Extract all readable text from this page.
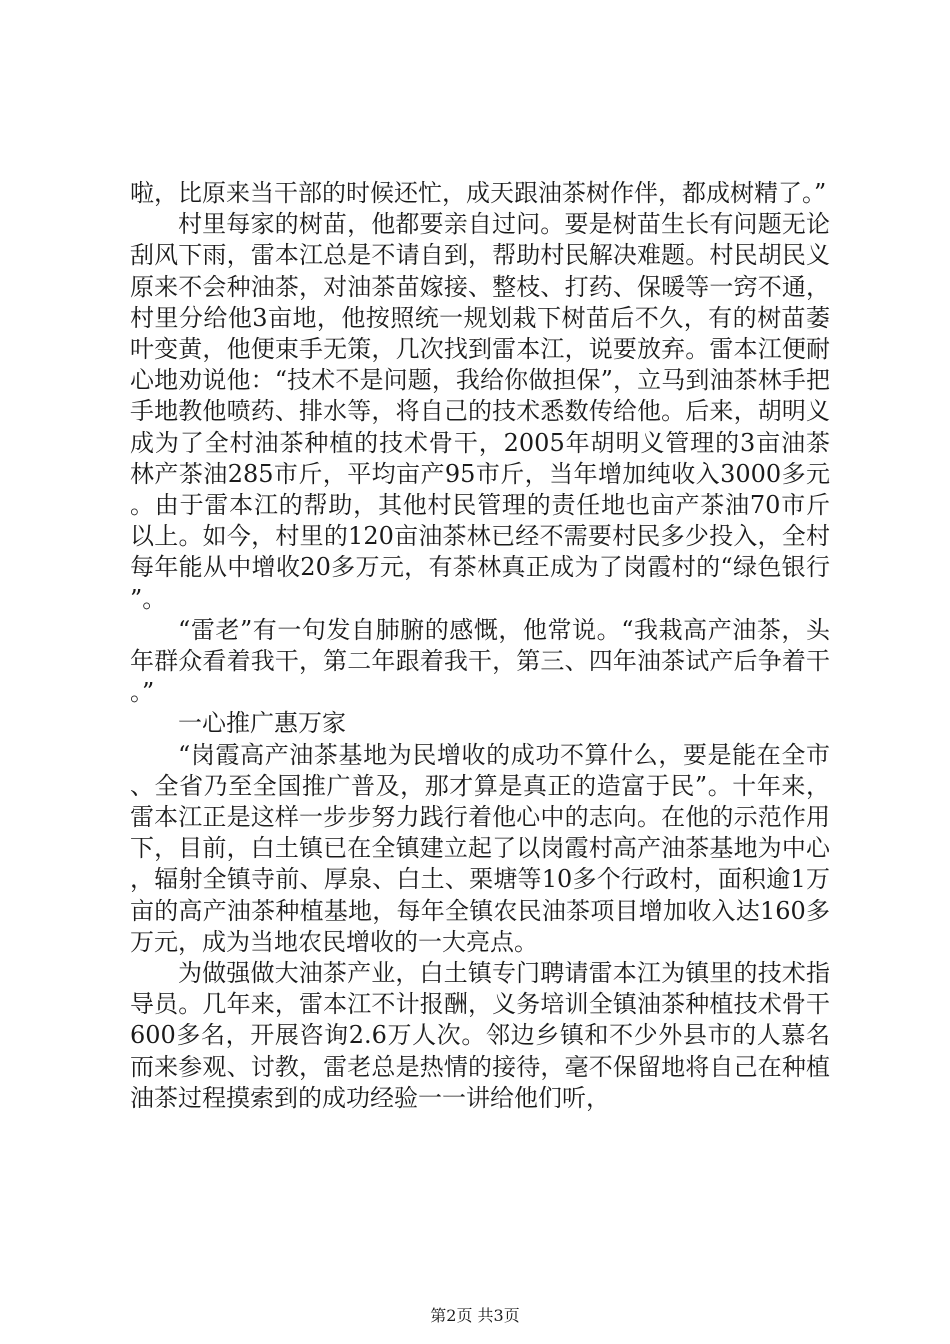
啦，比原来当干部的时候还忙，成天跟油茶树作伴，都成树精了。”

村里每家的树苗，他都要亲自过问。要是树苗生长有问题无论刮风下雨，雷本江总是不请自到，帮助村民解决难题。村民胡民义原来不会种油茶，对油茶苗嫁接、整枝、打药、保暖等一窍不通，村里分给他3亩地，他按照统一规划栽下树苗后不久，有的树苗萎叶变黄，他便束手无策，几次找到雷本江，说要放弃。雷本江便耐心地劝说他：“技术不是问题，我给你做担保”，立马到油茶林手把手地教他喷药、排水等，将自己的技术悉数传给他。后来，胡明义成为了全村油茶种植的技术骨干，2005年胡明义管理的3亩油茶林产茶油285市斤，平均亩产95市斤，当年增加纯收入3000多元。由于雷本江的帮助，其他村民管理的责任地也亩产茶油70市斤以上。如今，村里的120亩油茶林已经不需要村民多少投入，全村每年能从中增收20多万元，有茶林真正成为了岗霞村的“绿色银行”。

“雷老”有一句发自肺腑的感慨，他常说。“我栽高产油茶，头年群众看着我干，第二年跟着我干，第三、四年油茶试产后争着干。”

一心推广惠万家

“岗霞高产油茶基地为民增收的成功不算什么，要是能在全市、全省乃至全国推广普及，那才算是真正的造富于民”。十年来，雷本江正是这样一步步努力践行着他心中的志向。在他的示范作用下，目前，白土镇已在全镇建立起了以岗霞村高产油茶基地为中心，辐射全镇寺前、厚泉、白土、栗塘等10多个行政村，面积逾1万亩的高产油茶种植基地，每年全镇农民油茶项目增加收入达160多万元，成为当地农民增收的一大亮点。

为做强做大油茶产业，白土镇专门聘请雷本江为镇里的技术指导员。几年来，雷本江不计报酬，义务培训全镇油茶种植技术骨干600多名，开展咨询2.6万人次。邻边乡镇和不少外县市的人慕名而来参观、讨教，雷老总是热情的接待，毫不保留地将自己在种植油茶过程摸索到的成功经验一一讲给他们听，

第2页 共3页
